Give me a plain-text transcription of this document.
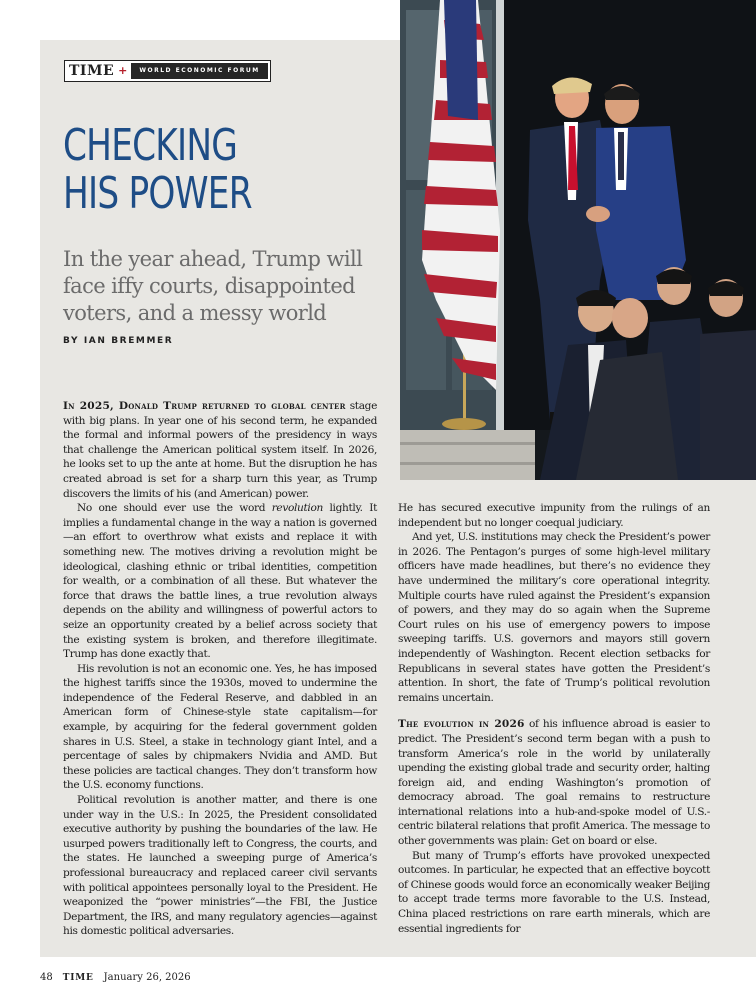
TIME +	WORLD ECONOMIC FORUM
CHECKING
HIS POWER

In the year ahead, Trump will face iffy courts, disappointed voters, and a messy world

BY IAN BREMMER

In 2025, Donald Trump returned to global center stage with big plans. In year one of his second term, he expanded the formal and informal powers of the presidency in ways that challenge the American political system itself. In 2026, he looks set to up the ante at home. But the disruption he has created abroad is set for a sharp turn this year, as Trump discovers the limits of his (and American) power.

No one should ever use the word revolution lightly. It implies a fundamental change in the way a nation is governed—an effort to overthrow what exists and replace it with something new. The motives driving a revolution might be ideological, clashing ethnic or tribal identities, competition for wealth, or a combination of all these. But whatever the force that draws the battle lines, a true revolution always depends on the ability and willingness of powerful actors to seize an opportunity created by a belief across society that the existing system is broken, and therefore illegitimate. Trump has done exactly that.

His revolution is not an economic one. Yes, he has imposed the highest tariffs since the 1930s, moved to undermine the independence of the Federal Reserve, and dabbled in an American form of Chinese-style state capitalism—for example, by acquiring for the federal government golden shares in U.S. Steel, a stake in technology giant Intel, and a percentage of sales by chipmakers Nvidia and AMD. But these policies are tactical changes. They don’t transform how the U.S. economy functions.

Political revolution is another matter, and there is one under way in the U.S.: In 2025, the President consolidated executive authority by pushing the boundaries of the law. He usurped powers traditionally left to Congress, the courts, and the states. He launched a sweeping purge of America’s professional bureaucracy and replaced career civil servants with political appointees personally loyal to the President. He weaponized the “power ministries”—the FBI, the Justice Department, the IRS, and many regulatory agencies—against his domestic political adversaries.

He has secured executive impunity from the rulings of an independent but no longer coequal judiciary.

And yet, U.S. institutions may check the President’s power in 2026. The Pentagon’s purges of some high-level military officers have made headlines, but there’s no evidence they have undermined the military’s core operational integrity. Multiple courts have ruled against the President’s expansion of powers, and they may do so again when the Supreme Court rules on his use of emergency powers to impose sweeping tariffs. U.S. governors and mayors still govern independently of Washington. Recent election setbacks for Republicans in several states have gotten the President’s attention. In short, the fate of Trump’s political revolution remains uncertain.

The evolution in 2026 of his influence abroad is easier to predict. The President’s second term began with a push to transform America’s role in the world by unilaterally upending the existing global trade and security order, halting foreign aid, and ending Washington’s promotion of democracy abroad. The goal remains to restructure international relations into a hub-and-spoke model of U.S.-centric bilateral relations that profit America. The message to other governments was plain: Get on board or else.

But many of Trump’s efforts have provoked unexpected outcomes. In particular, he expected that an effective boycott of Chinese goods would force an economically weaker Beijing to accept trade terms more favorable to the U.S. Instead, China placed restrictions on rare earth minerals, which are essential ingredients for

48 TIME January 26, 2026
